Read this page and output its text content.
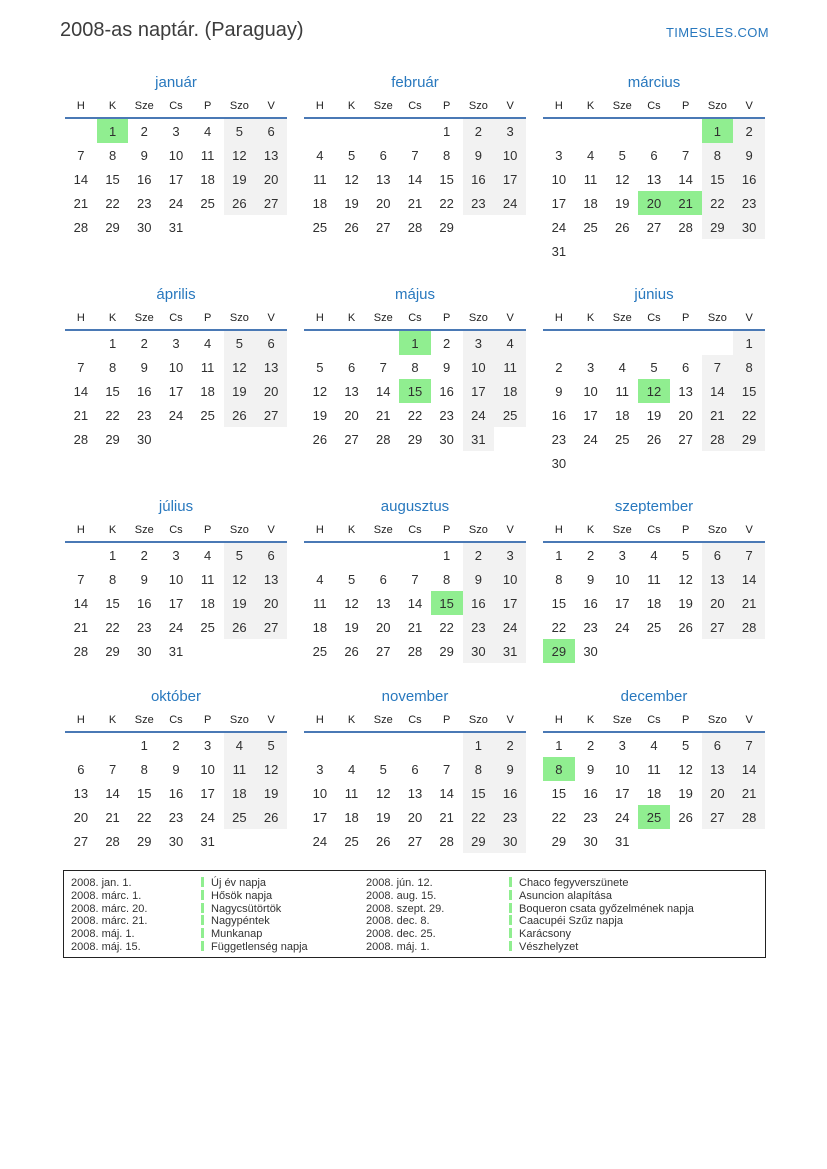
2008-as naptár. (Paraguay)	TIMESLES.COM
január
H	K	Sze	Cs	P	Szo	V
	1	2	3	4	5	6
7	8	9	10	11	12	13
14	15	16	17	18	19	20
21	22	23	24	25	26	27
28	29	30	31			
február
H	K	Sze	Cs	P	Szo	V
				1	2	3
4	5	6	7	8	9	10
11	12	13	14	15	16	17
18	19	20	21	22	23	24
25	26	27	28	29		
március
H	K	Sze	Cs	P	Szo	V
					1	2
3	4	5	6	7	8	9
10	11	12	13	14	15	16
17	18	19	20	21	22	23
24	25	26	27	28	29	30
31						
április
H	K	Sze	Cs	P	Szo	V
	1	2	3	4	5	6
7	8	9	10	11	12	13
14	15	16	17	18	19	20
21	22	23	24	25	26	27
28	29	30				
május
H	K	Sze	Cs	P	Szo	V
			1	2	3	4
5	6	7	8	9	10	11
12	13	14	15	16	17	18
19	20	21	22	23	24	25
26	27	28	29	30	31	
június
H	K	Sze	Cs	P	Szo	V
						1
2	3	4	5	6	7	8
9	10	11	12	13	14	15
16	17	18	19	20	21	22
23	24	25	26	27	28	29
30						
július
H	K	Sze	Cs	P	Szo	V
	1	2	3	4	5	6
7	8	9	10	11	12	13
14	15	16	17	18	19	20
21	22	23	24	25	26	27
28	29	30	31			
augusztus
H	K	Sze	Cs	P	Szo	V
				1	2	3
4	5	6	7	8	9	10
11	12	13	14	15	16	17
18	19	20	21	22	23	24
25	26	27	28	29	30	31
szeptember
H	K	Sze	Cs	P	Szo	V
1	2	3	4	5	6	7
8	9	10	11	12	13	14
15	16	17	18	19	20	21
22	23	24	25	26	27	28
29	30					
október
H	K	Sze	Cs	P	Szo	V
		1	2	3	4	5
6	7	8	9	10	11	12
13	14	15	16	17	18	19
20	21	22	23	24	25	26
27	28	29	30	31		
november
H	K	Sze	Cs	P	Szo	V
					1	2
3	4	5	6	7	8	9
10	11	12	13	14	15	16
17	18	19	20	21	22	23
24	25	26	27	28	29	30
december
H	K	Sze	Cs	P	Szo	V
1	2	3	4	5	6	7
8	9	10	11	12	13	14
15	16	17	18	19	20	21
22	23	24	25	26	27	28
29	30	31				
2008. jan. 1.	Új év napja	2008. jún. 12.	Chaco fegyverszünete
2008. márc. 1.	Hősök napja	2008. aug. 15.	Asuncion alapítása
2008. márc. 20.	Nagycsütörtök	2008. szept. 29.	Boqueron csata győzelmének napja
2008. márc. 21.	Nagypéntek	2008. dec. 8.	Caacupéi Szűz napja
2008. máj. 1.	Munkanap	2008. dec. 25.	Karácsony
2008. máj. 15.	Függetlenség napja	2008. máj. 1.	Vészhelyzet
